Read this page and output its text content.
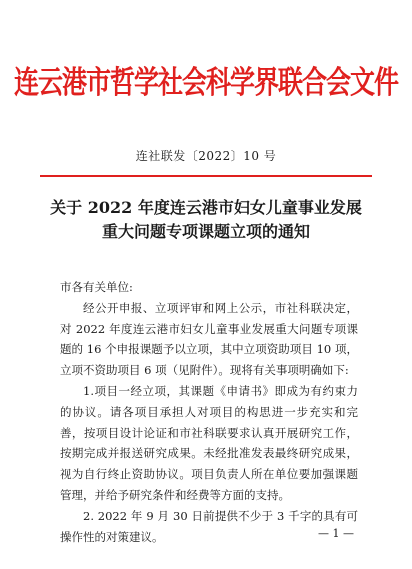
连云港市哲学社会科学界联合会文件
连社联发〔2022〕10 号
关于 2022 年度连云港市妇女儿童事业发展
重大问题专项课题立项的通知

市各有关单位:

经公开申报、立项评审和网上公示，市社科联决定，对 2022 年度连云港市妇女儿童事业发展重大问题专项课题的 16 个申报课题予以立项，其中立项资助项目 10 项，立项不资助项目 6 项（见附件）。现将有关事项明确如下:

1.项目一经立项，其课题《申请书》即成为有约束力的协议。请各项目承担人对项目的构思进一步充实和完善，按项目设计论证和市社科联要求认真开展研究工作，按期完成并报送研究成果。未经批准发表最终研究成果，视为自行终止资助协议。项目负责人所在单位要加强课题管理，并给予研究条件和经费等方面的支持。

2. 2022 年 9 月 30 日前提供不少于 3 千字的具有可操作性的对策建议。	— 1 —
